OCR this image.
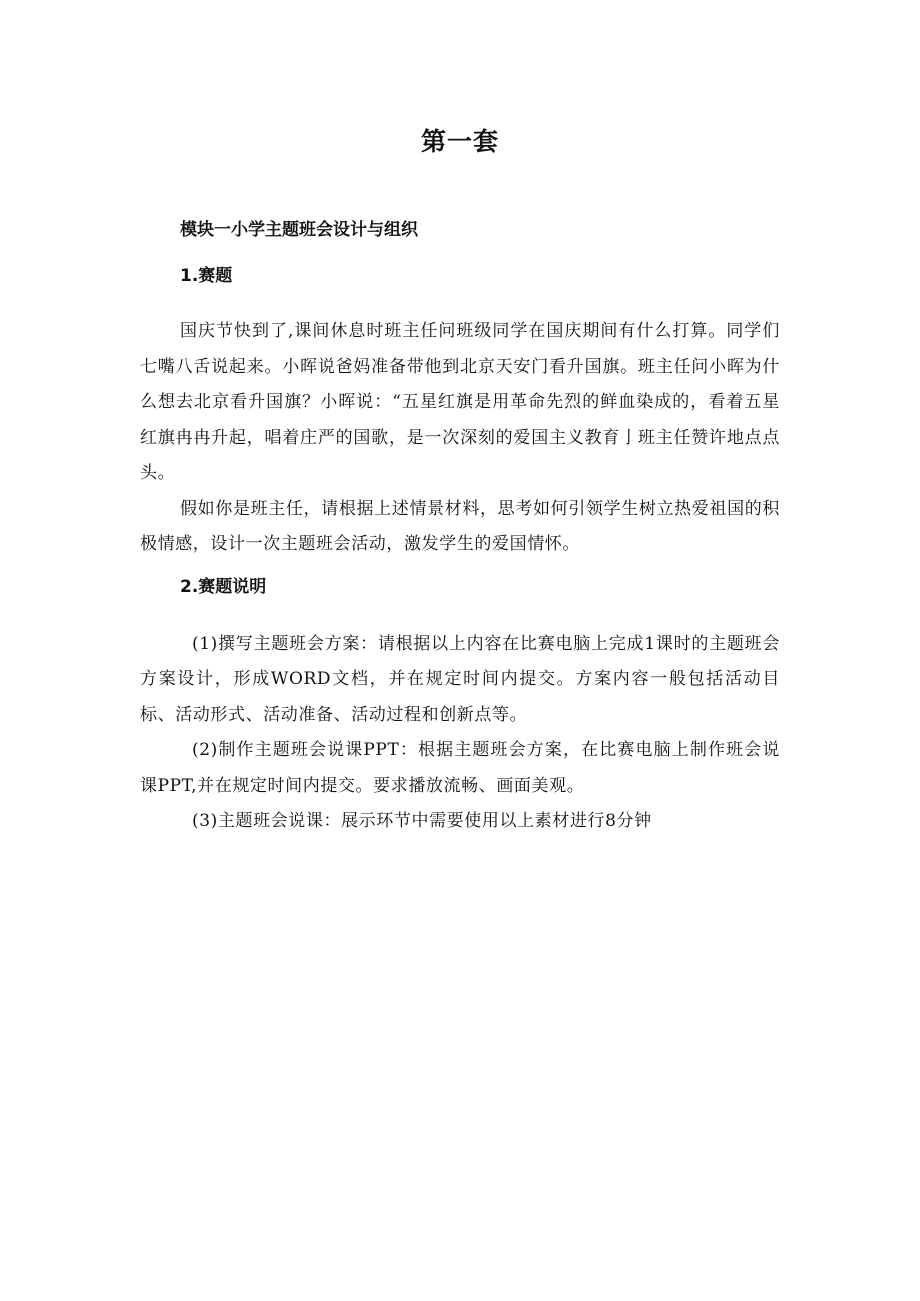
第一套
模块一小学主题班会设计与组织
1.赛题

国庆节快到了,课间休息时班主任问班级同学在国庆期间有什么打算。同学们七嘴八舌说起来。小晖说爸妈准备带他到北京天安门看升国旗。班主任问小晖为什么想去北京看升国旗？小晖说：“五星红旗是用革命先烈的鲜血染成的，看着五星红旗冉冉升起，唱着庄严的国歌，是一次深刻的爱国主义教育亅班主任赞许地点点头。

假如你是班主任，请根据上述情景材料，思考如何引领学生树立热爱祖国的积极情感，设计一次主题班会活动，激发学生的爱国情怀。

2.赛题说明

(1)撰写主题班会方案：请根据以上内容在比赛电脑上完成1课时的主题班会方案设计，形成WORD文档，并在规定时间内提交。方案内容一般包括活动目标、活动形式、活动准备、活动过程和创新点等。

(2)制作主题班会说课PPT：根据主题班会方案，在比赛电脑上制作班会说课PPT,并在规定时间内提交。要求播放流畅、画面美观。

(3)主题班会说课：展示环节中需要使用以上素材进行8分钟
